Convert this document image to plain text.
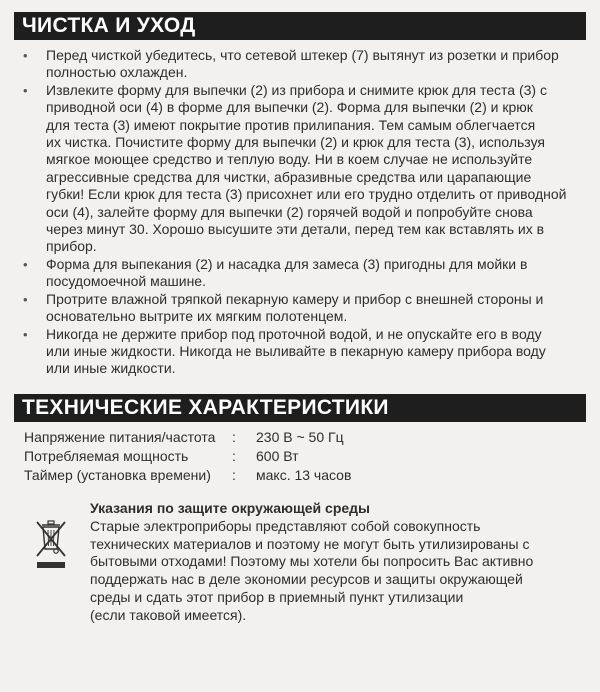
ЧИСТКА И УХОД
•	Перед чисткой убедитесь, что сетевой штекер (7) вытянут из розетки и прибор
полностью охлажден.
•	Извлеките форму для выпечки (2) из прибора и снимите крюк для теста (3) с
приводной оси (4) в форме для выпечки (2). Форма для выпечки (2) и крюк
для теста (3) имеют покрытие против прилипания. Тем самым облегчается
их чистка. Почистите форму для выпечки (2) и крюк для теста (3), используя
мягкое моющее средство и теплую воду. Ни в коем случае не используйте
агрессивные средства для чистки, абразивные средства или царапающие
губки! Если крюк для теста (3) присохнет или его трудно отделить от приводной
оси (4), залейте форму для выпечки (2) горячей водой и попробуйте снова
через минут 30. Хорошо высушите эти детали, перед тем как вставлять их в
прибор.
•	Форма для выпекания (2) и насадка для замеса (3) пригодны для мойки в
посудомоечной машине.
•	Протрите влажной тряпкой пекарную камеру и прибор с внешней стороны и
основательно вытрите их мягким полотенцем.
•	Никогда не держите прибор под проточной водой, и не опускайте его в воду
или иные жидкости. Никогда не выливайте в пекарную камеру прибора воду
или иные жидкости.
ТЕХНИЧЕСКИЕ ХАРАКТЕРИСТИКИ
Напряжение питания/частота : 230 В ~ 50 Гц
Потребляемая мощность	: 600 Вт
Таймер (установка времени) : макс. 13 часов
Указания по защите окружающей среды
Старые электроприборы представляют собой совокупность
технических материалов и поэтому не могут быть утилизированы с
бытовыми отходами! Поэтому мы хотели бы попросить Вас активно
поддержать нас в деле экономии ресурсов и защиты окружающей
среды и сдать этот прибор в приемный пункт утилизации
(если таковой имеется).
